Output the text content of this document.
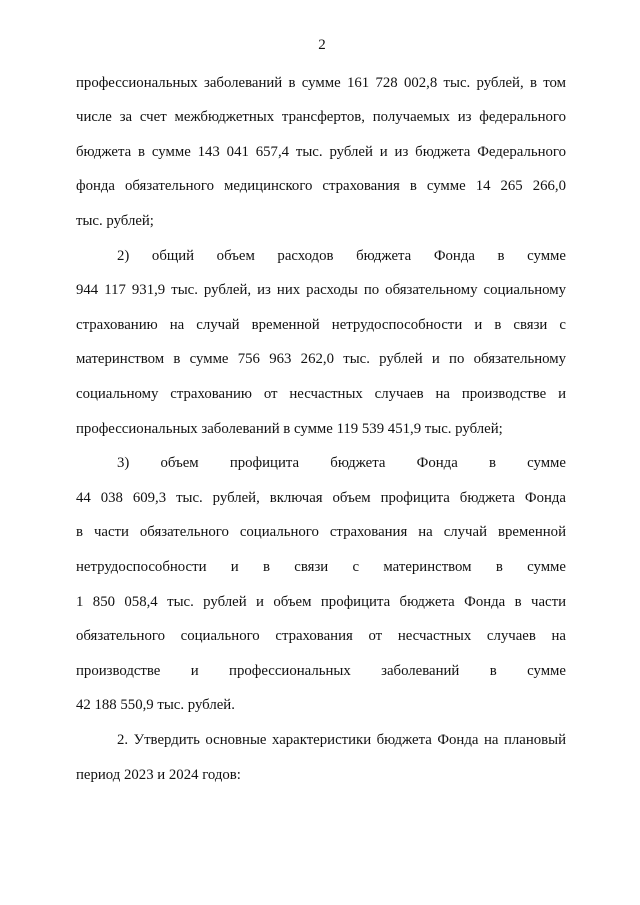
2
профессиональных заболеваний в сумме 161 728 002,8 тыс. рублей, в том
числе за счет межбюджетных трансфертов, получаемых из федерального
бюджета в сумме 143 041 657,4 тыс. рублей и из бюджета Федерального
фонда обязательного медицинского страхования в сумме 14 265 266,0
тыс. рублей;
2) общий объем расходов бюджета Фонда в сумме
944 117 931,9 тыс. рублей, из них расходы по обязательному социальному
страхованию на случай временной нетрудоспособности и в связи с
материнством в сумме 756 963 262,0 тыс. рублей и по обязательному
социальному страхованию от несчастных случаев на производстве и
профессиональных заболеваний в сумме 119 539 451,9 тыс. рублей;
3) объем профицита бюджета Фонда в сумме
44 038 609,3 тыс. рублей, включая объем профицита бюджета Фонда
в части обязательного социального страхования на случай временной
нетрудоспособности и в связи с материнством в сумме
1 850 058,4 тыс. рублей и объем профицита бюджета Фонда в части
обязательного социального страхования от несчастных случаев на
производстве и профессиональных заболеваний в сумме
42 188 550,9 тыс. рублей.
2. Утвердить основные характеристики бюджета Фонда на плановый
период 2023 и 2024 годов:
